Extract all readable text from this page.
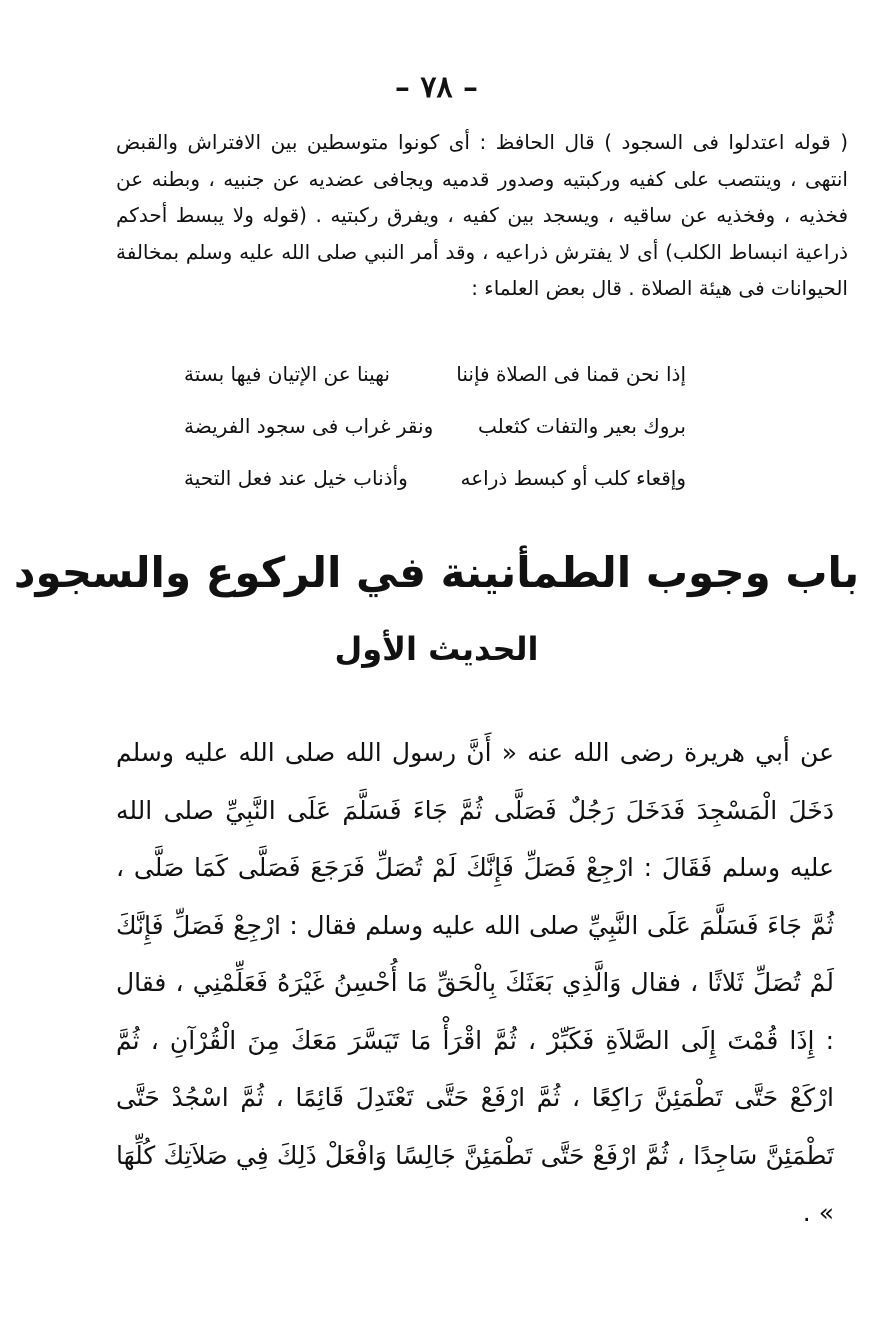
– ٧٨ –

( قوله اعتدلوا فى السجود ) قال الحافظ : أى كونوا متوسطين بين الافتراش والقبض انتهى ، وينتصب على كفيه وركبتيه وصدور قدميه ويجافى عضديه عن جنبيه ، وبطنه عن فخذيه ، وفخذيه عن ساقيه ، ويسجد بين كفيه ، ويفرق ركبتيه . (قوله ولا يبسط أحدكم ذراعية انبساط الكلب) أى لا يفترش ذراعيه ، وقد أمر النبي صلى الله عليه وسلم بمخالفة الحيوانات فى هيئة الصلاة . قال بعض العلماء :

إذا نحن قمنا فى الصلاة فإننا
نهينا عن الإتيان فيها بستة
بروك بعير والتفات كثعلب
ونقر غراب فى سجود الفريضة
وإقعاء كلب أو كبسط ذراعه
وأذناب خيل عند فعل التحية
باب وجوب الطمأنينة في الركوع والسجود
الحديث الأول

عن أبي هريرة رضى الله عنه « أَنَّ رسول الله صلى الله عليه وسلم دَخَلَ الْمَسْجِدَ فَدَخَلَ رَجُلٌ فَصَلَّى ثُمَّ جَاءَ فَسَلَّمَ عَلَى النَّبِيِّ صلى الله عليه وسلم فَقَالَ : ارْجِعْ فَصَلِّ فَإِنَّكَ لَمْ تُصَلِّ فَرَجَعَ فَصَلَّى كَمَا صَلَّى ، ثُمَّ جَاءَ فَسَلَّمَ عَلَى النَّبِيِّ صلى الله عليه وسلم فقال : ارْجِعْ فَصَلِّ فَإِنَّكَ لَمْ تُصَلِّ ثَلاثًا ، فقال وَالَّذِي بَعَثَكَ بِالْحَقِّ مَا أُحْسِنُ غَيْرَهُ فَعَلِّمْنِي ، فقال : إِذَا قُمْتَ إِلَى الصَّلاَةِ فَكَبِّرْ ، ثُمَّ اقْرَأْ مَا تَيَسَّرَ مَعَكَ مِنَ الْقُرْآنِ ، ثُمَّ ارْكَعْ حَتَّى تَطْمَئِنَّ رَاكِعًا ، ثُمَّ ارْفَعْ حَتَّى تَعْتَدِلَ قَائِمًا ، ثُمَّ اسْجُدْ حَتَّى تَطْمَئِنَّ سَاجِدًا ، ثُمَّ ارْفَعْ حَتَّى تَطْمَئِنَّ جَالِسًا وَافْعَلْ ذَلِكَ فِي صَلاَتِكَ كُلِّهَا » .
